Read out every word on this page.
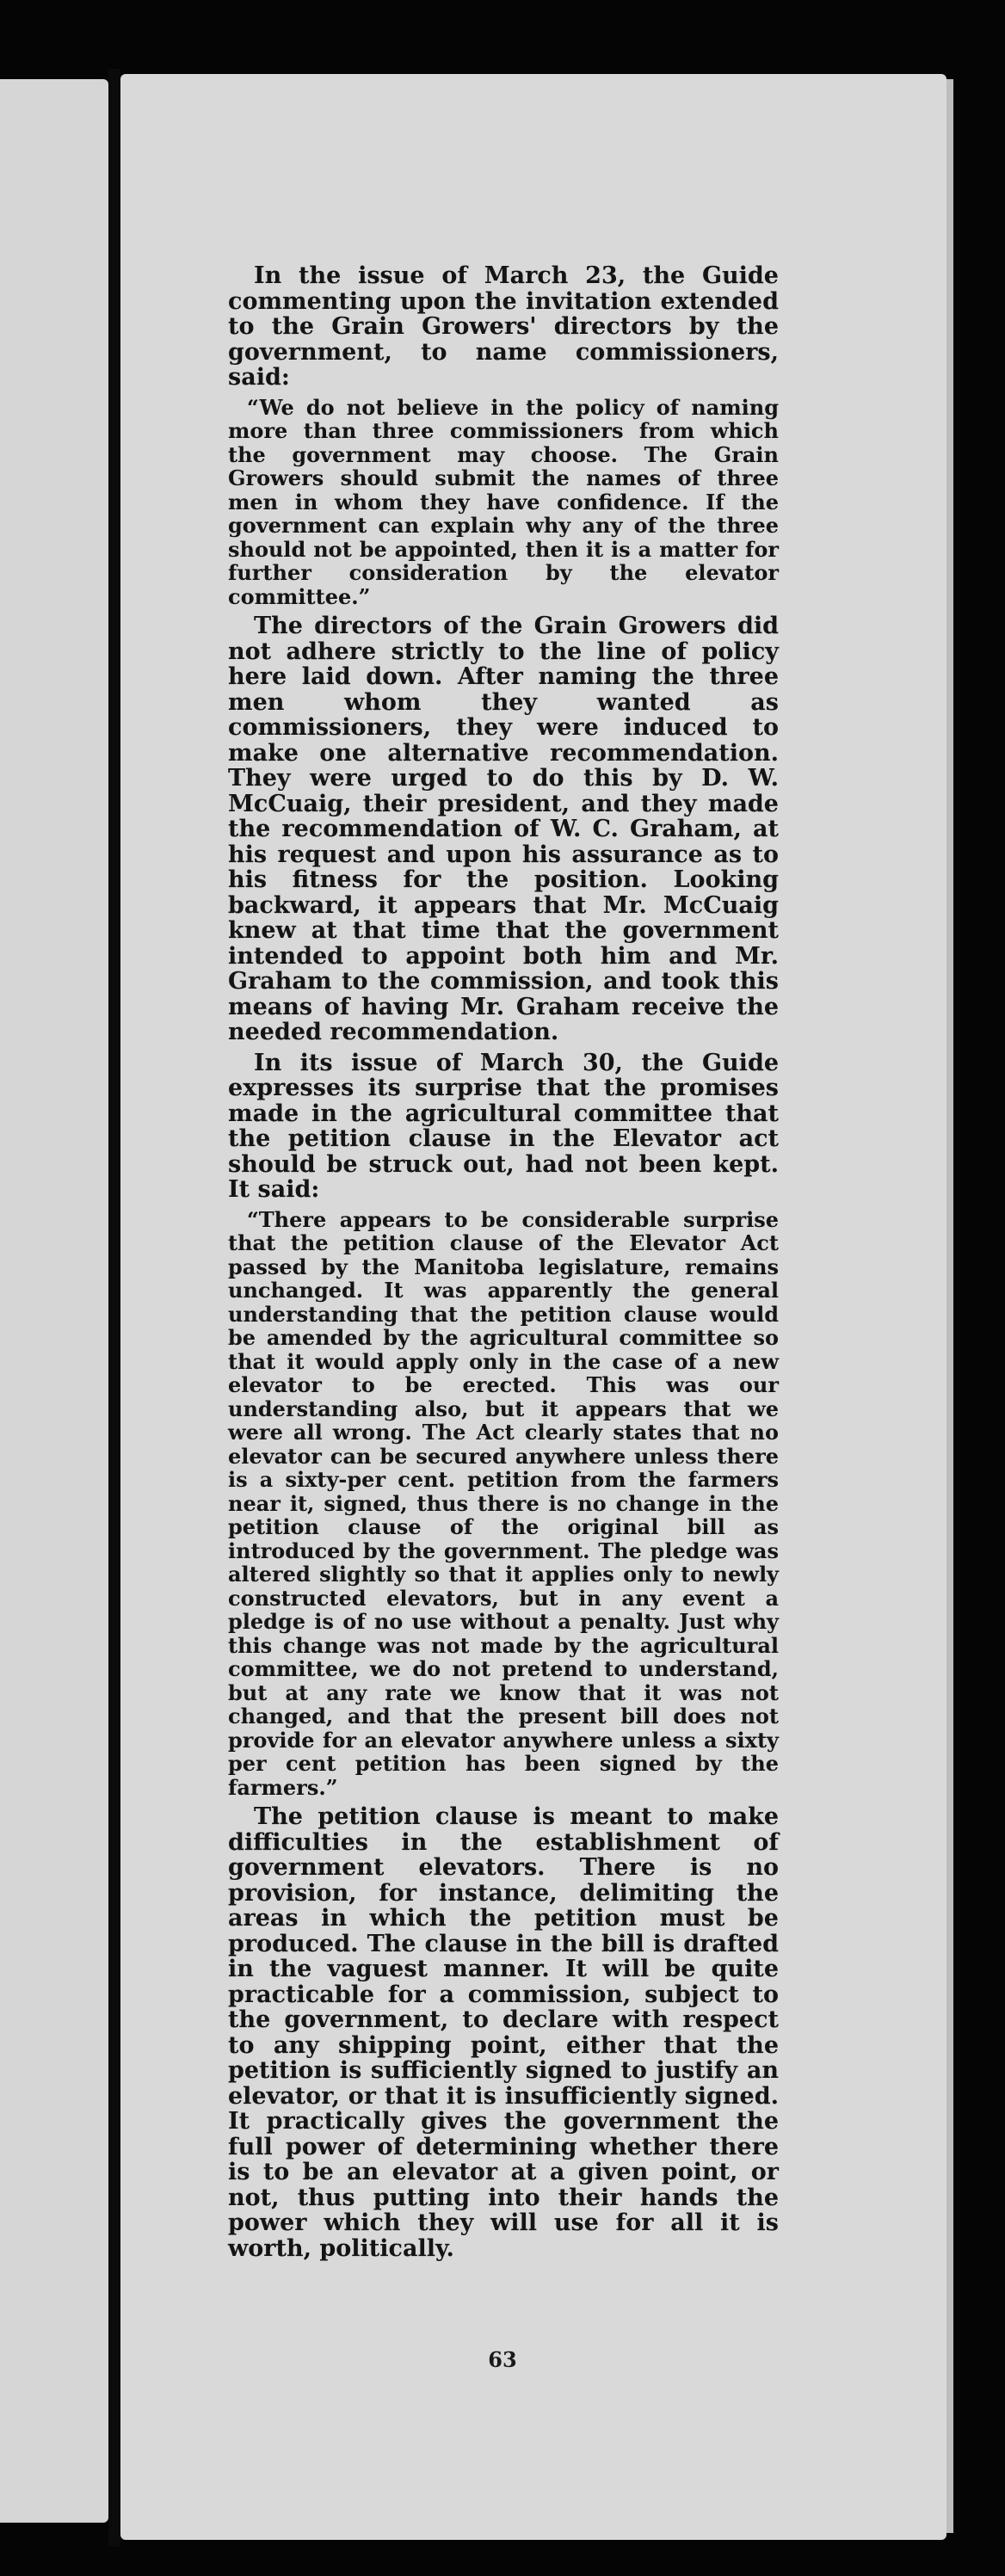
In the issue of March 23, the Guide commenting upon the invitation extended to the Grain Growers' directors by the government, to name commissioners, said:

“We do not believe in the policy of naming more than three commissioners from which the government may choose. The Grain Growers should submit the names of three men in whom they have confidence. If the government can explain why any of the three should not be appointed, then it is a matter for further consideration by the elevator committee.”

The directors of the Grain Growers did not adhere strictly to the line of policy here laid down. After naming the three men whom they wanted as commissioners, they were induced to make one alternative recommendation. They were urged to do this by D. W. McCuaig, their president, and they made the recommendation of W. C. Graham, at his request and upon his assurance as to his fitness for the position. Looking backward, it appears that Mr. McCuaig knew at that time that the government intended to appoint both him and Mr. Graham to the commission, and took this means of having Mr. Graham receive the needed recommendation.

In its issue of March 30, the Guide expresses its surprise that the promises made in the agricultural committee that the petition clause in the Elevator act should be struck out, had not been kept. It said:

“There appears to be considerable surprise that the petition clause of the Elevator Act passed by the Manitoba legislature, remains unchanged. It was apparently the general understanding that the petition clause would be amended by the agricultural committee so that it would apply only in the case of a new elevator to be erected. This was our understanding also, but it appears that we were all wrong. The Act clearly states that no elevator can be secured anywhere unless there is a sixty-per cent. petition from the farmers near it, signed, thus there is no change in the petition clause of the original bill as introduced by the government. The pledge was altered slightly so that it applies only to newly constructed elevators, but in any event a pledge is of no use without a penalty. Just why this change was not made by the agricultural committee, we do not pretend to understand, but at any rate we know that it was not changed, and that the present bill does not provide for an elevator anywhere unless a sixty per cent petition has been signed by the farmers.”

The petition clause is meant to make difficulties in the establishment of government elevators. There is no provision, for instance, delimiting the areas in which the petition must be produced. The clause in the bill is drafted in the vaguest manner. It will be quite practicable for a commission, subject to the government, to declare with respect to any shipping point, either that the petition is sufficiently signed to justify an elevator, or that it is insufficiently signed. It practically gives the government the full power of determining whether there is to be an elevator at a given point, or not, thus putting into their hands the power which they will use for all it is worth, politically.

63
